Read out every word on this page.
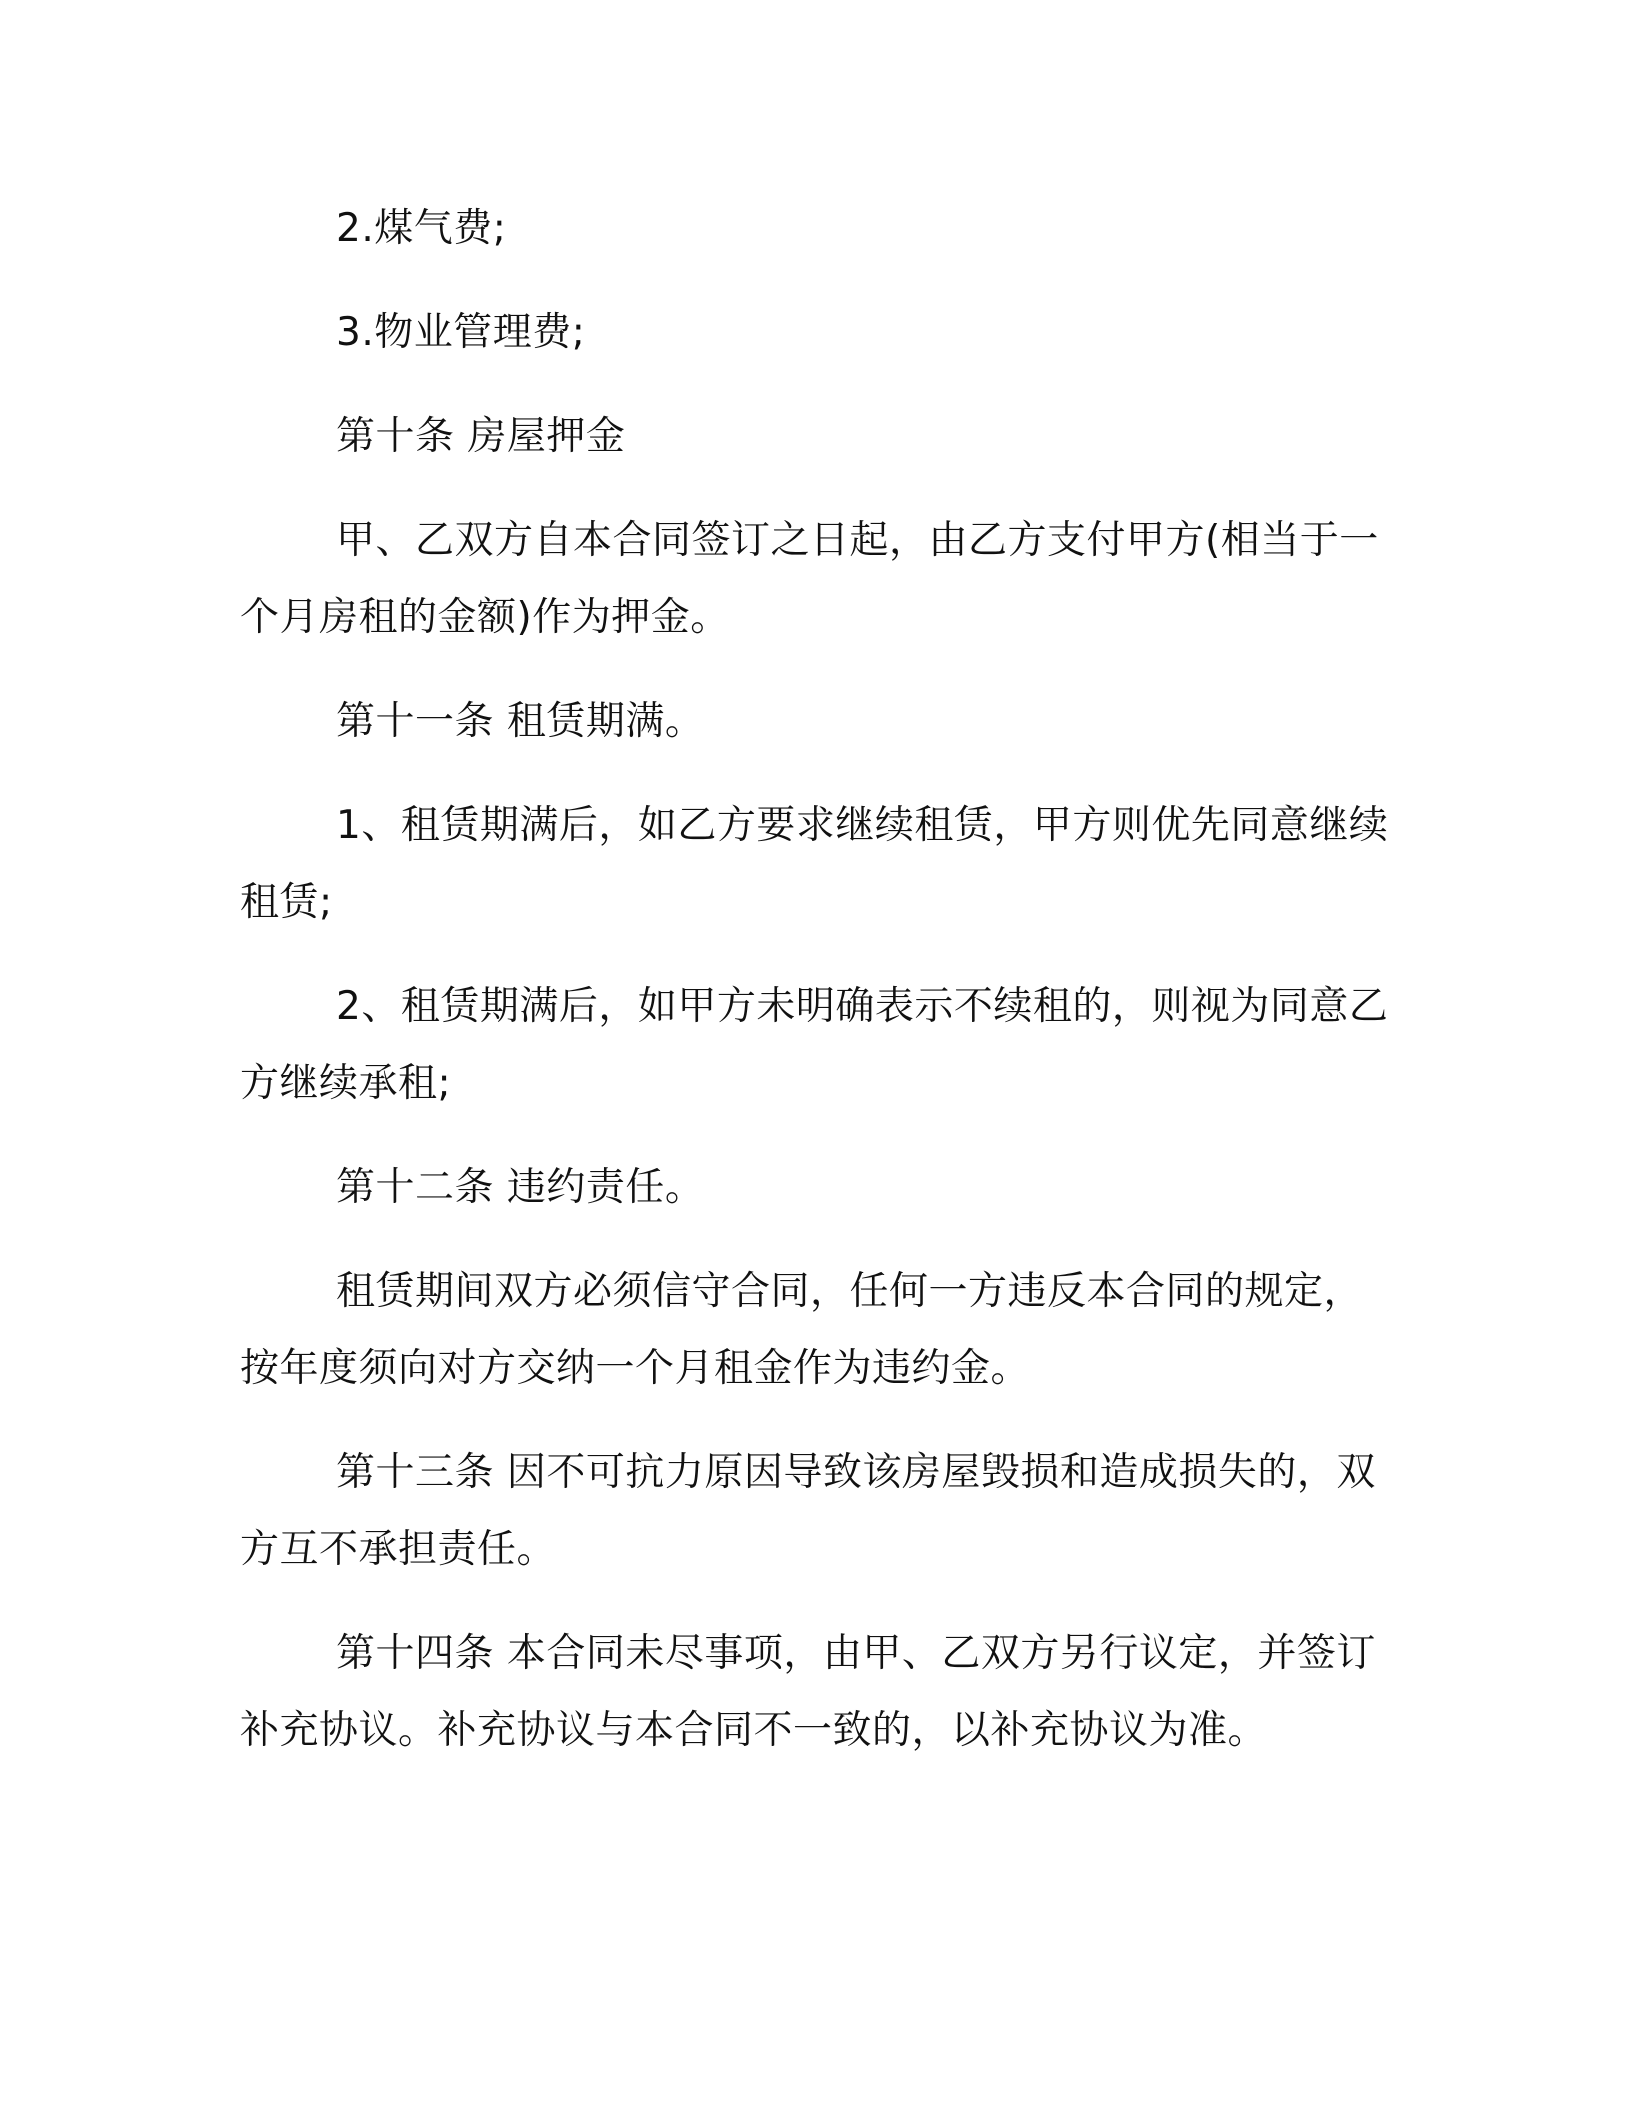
2.煤气费;

3.物业管理费;

第十条 房屋押金

甲、乙双方自本合同签订之日起，由乙方支付甲方(相当于一个月房租的金额)作为押金。

第十一条 租赁期满。

1、租赁期满后，如乙方要求继续租赁，甲方则优先同意继续租赁;

2、租赁期满后，如甲方未明确表示不续租的，则视为同意乙方继续承租;

第十二条 违约责任。

租赁期间双方必须信守合同，任何一方违反本合同的规定，按年度须向对方交纳一个月租金作为违约金。

第十三条 因不可抗力原因导致该房屋毁损和造成损失的，双方互不承担责任。

第十四条 本合同未尽事项，由甲、乙双方另行议定，并签订补充协议。补充协议与本合同不一致的，以补充协议为准。
